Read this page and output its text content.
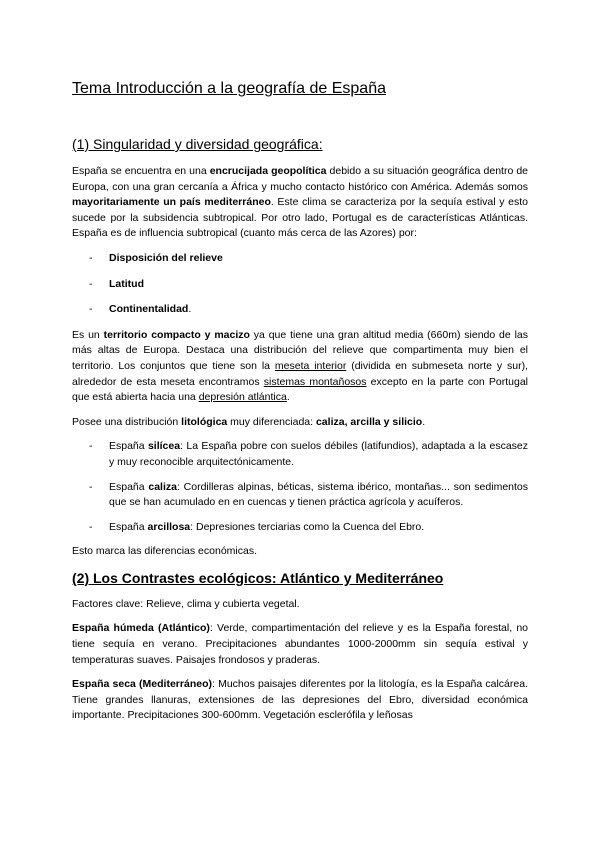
Tema Introducción a la geografía de España
(1) Singularidad y diversidad geográfica:

España se encuentra en una encrucijada geopolítica debido a su situación geográfica dentro de Europa, con una gran cercanía a África y mucho contacto histórico con América. Además somos mayoritariamente un país mediterráneo. Este clima se caracteriza por la sequía estival y esto sucede por la subsidencia subtropical. Por otro lado, Portugal es de características Atlánticas. España es de influencia subtropical (cuanto más cerca de las Azores) por:

- Disposición del relieve
- Latitud
- Continentalidad.

Es un territorio compacto y macizo ya que tiene una gran altitud media (660m) siendo de las más altas de Europa. Destaca una distribución del relieve que compartimenta muy bien el territorio. Los conjuntos que tiene son la meseta interior (dividida en submeseta norte y sur), alrededor de esta meseta encontramos sistemas montañosos excepto en la parte con Portugal que está abierta hacia una depresión atlántica.

Posee una distribución litológica muy diferenciada: caliza, arcilla y silicio.

- España silícea: La España pobre con suelos débiles (latifundios), adaptada a la escasez y muy reconocible arquitectónicamente.
- España caliza: Cordilleras alpinas, béticas, sistema ibérico, montañas... son sedimentos que se han acumulado en en cuencas y tienen práctica agrícola y acuíferos.
- España arcillosa: Depresiones terciarias como la Cuenca del Ebro.

Esto marca las diferencias económicas.

(2) Los Contrastes ecológicos: Atlántico y Mediterráneo

Factores clave: Relieve, clima y cubierta vegetal.

España húmeda (Atlántico): Verde, compartimentación del relieve y es la España forestal, no tiene sequía en verano. Precipitaciones abundantes 1000-2000mm sin sequía estival y temperaturas suaves. Paisajes frondosos y praderas.

España seca (Mediterráneo): Muchos paisajes diferentes por la litología, es la España calcárea. Tiene grandes llanuras, extensiones de las depresiones del Ebro, diversidad económica importante. Precipitaciones 300-600mm. Vegetación esclerófila y leñosas
